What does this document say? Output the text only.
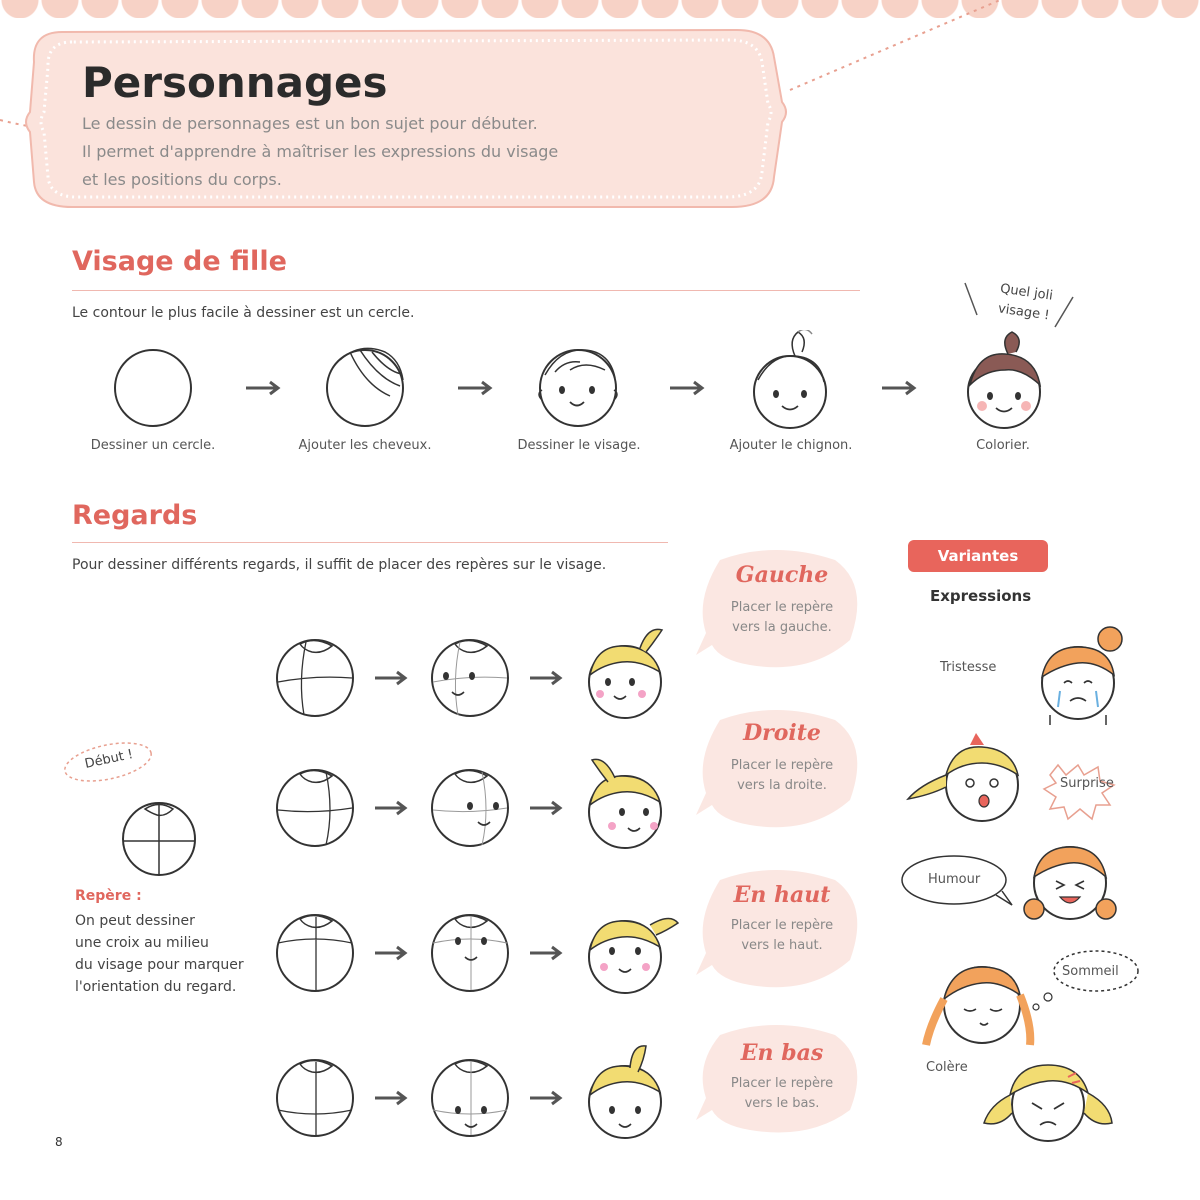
Personnages
Le dessin de personnages est un bon sujet pour débuter.
Il permet d'apprendre à maîtriser les expressions du visage
et les positions du corps.
Visage de fille
Le contour le plus facile à dessiner est un cercle.
Quel joli
visage !
Dessiner un cercle.	Ajouter les cheveux.	Dessiner le visage.	Ajouter le chignon.	Colorier.
Regards
Pour dessiner différents regards, il suffit de placer des repères sur le visage.
Début !
Repère :
On peut dessiner
une croix au milieu
du visage pour marquer
l'orientation du regard.
Gauche
Placer le repère
vers la gauche.
Droite
Placer le repère
vers la droite.
En haut
Placer le repère
vers le haut.
En bas
Placer le repère
vers le bas.
Variantes
Expressions
Tristesse
Surprise
Humour
Sommeil
Colère
8
